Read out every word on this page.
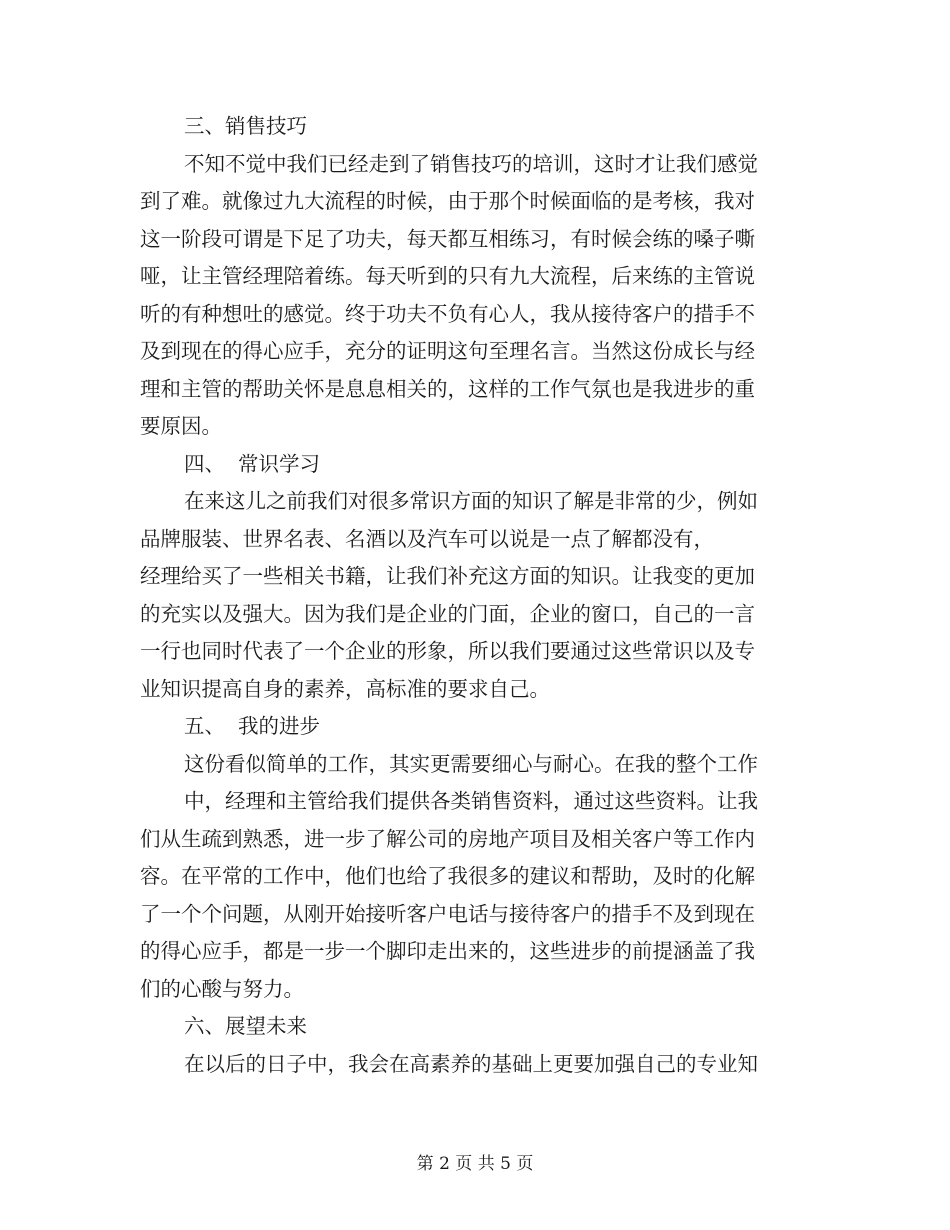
三、销售技巧
不知不觉中我们已经走到了销售技巧的培训，这时才让我们感觉
到了难。就像过九大流程的时候，由于那个时候面临的是考核，我对
这一阶段可谓是下足了功夫，每天都互相练习，有时候会练的嗓子嘶
哑，让主管经理陪着练。每天听到的只有九大流程，后来练的主管说
听的有种想吐的感觉。终于功夫不负有心人，我从接待客户的措手不
及到现在的得心应手，充分的证明这句至理名言。当然这份成长与经
理和主管的帮助关怀是息息相关的，这样的工作气氛也是我进步的重
要原因。
四、  常识学习
在来这儿之前我们对很多常识方面的知识了解是非常的少，例如
品牌服装、世界名表、名酒以及汽车可以说是一点了解都没有，
经理给买了一些相关书籍，让我们补充这方面的知识。让我变的更加
的充实以及强大。因为我们是企业的门面，企业的窗口，自己的一言
一行也同时代表了一个企业的形象，所以我们要通过这些常识以及专
业知识提高自身的素养，高标准的要求自己。
五、  我的进步
这份看似简单的工作，其实更需要细心与耐心。在我的整个工作
中，经理和主管给我们提供各类销售资料，通过这些资料。让我
们从生疏到熟悉，进一步了解公司的房地产项目及相关客户等工作内
容。在平常的工作中，他们也给了我很多的建议和帮助，及时的化解
了一个个问题，从刚开始接听客户电话与接待客户的措手不及到现在
的得心应手，都是一步一个脚印走出来的，这些进步的前提涵盖了我
们的心酸与努力。
六、展望未来
在以后的日子中，我会在高素养的基础上更要加强自己的专业知
第 2 页 共 5 页
